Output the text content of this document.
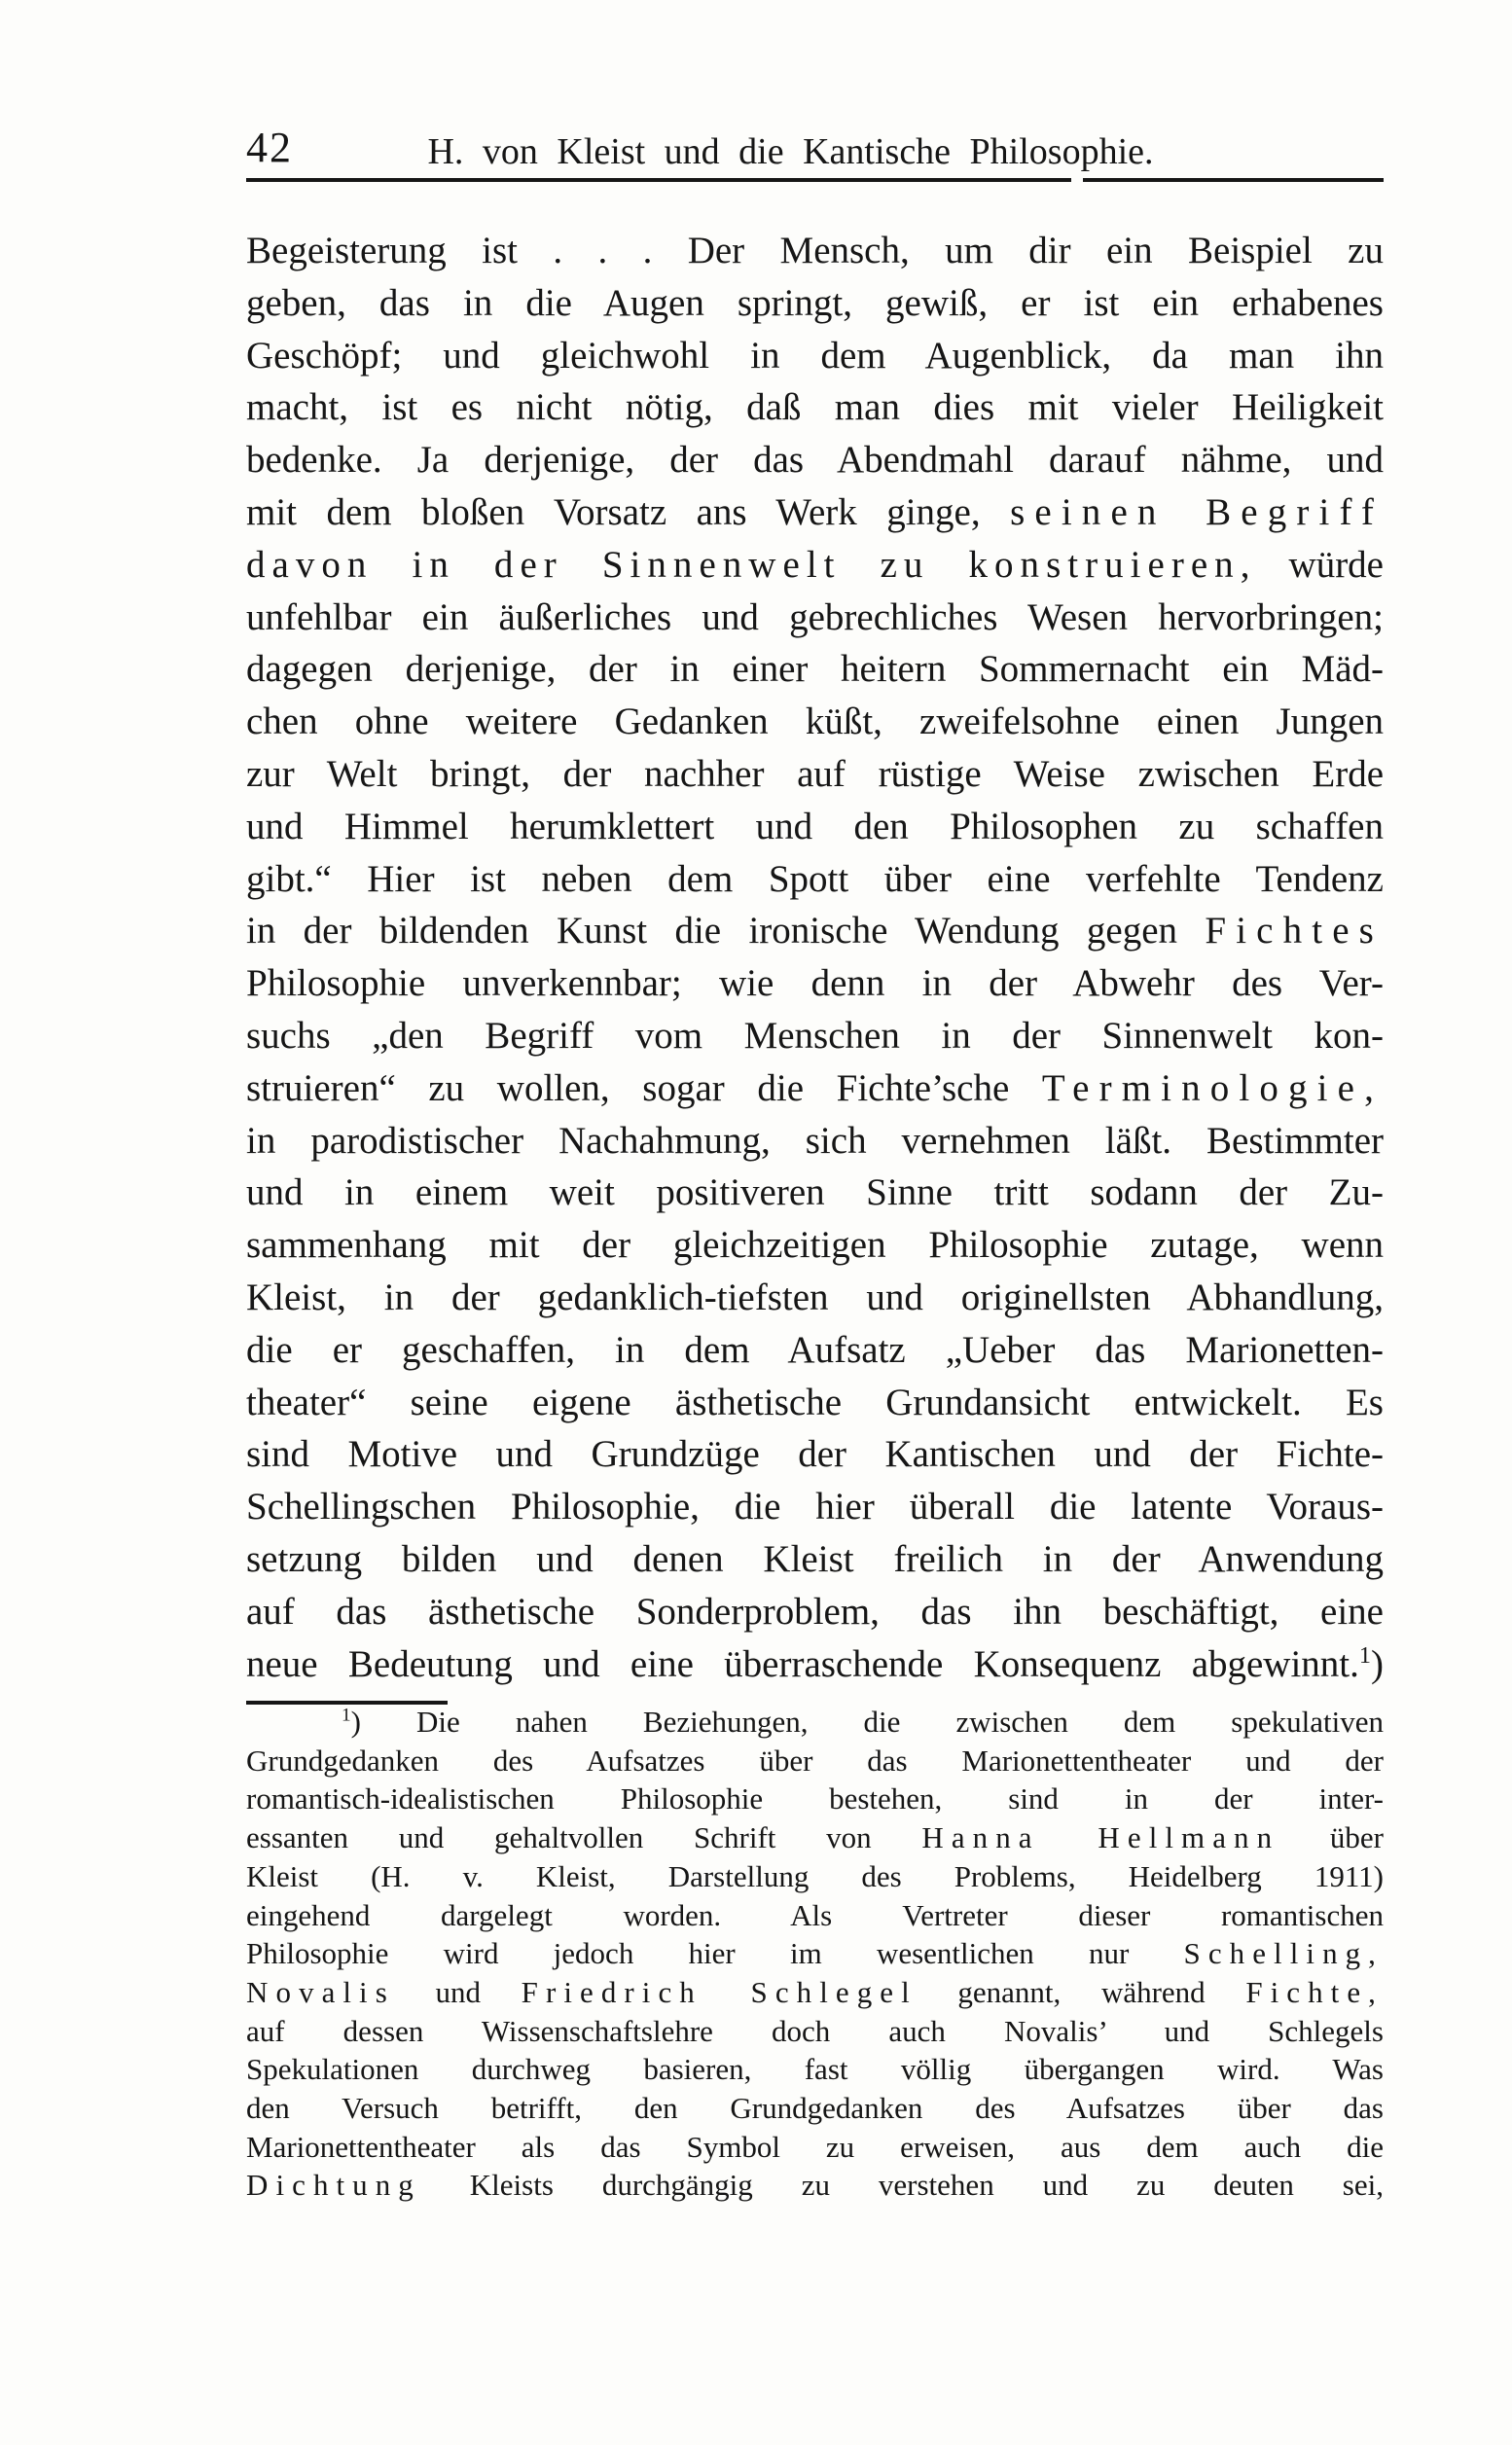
42	H. von Kleist und die Kantische Philosophie.
Begeisterung ist . . . Der Mensch, um dir ein Beispiel zu
geben, das in die Augen springt, gewiß, er ist ein erhabenes
Geschöpf; und gleichwohl in dem Augenblick, da man ihn
macht, ist es nicht nötig, daß man dies mit vieler Heiligkeit
bedenke. Ja derjenige, der das Abendmahl darauf nähme, und
mit dem bloßen Vorsatz ans Werk ginge, seinen Begriff
davon in der Sinnenwelt zu konstruieren, würde
unfehlbar ein äußerliches und gebrechliches Wesen hervorbringen;
dagegen derjenige, der in einer heitern Sommernacht ein Mäd-
chen ohne weitere Gedanken küßt, zweifelsohne einen Jungen
zur Welt bringt, der nachher auf rüstige Weise zwischen Erde
und Himmel herumklettert und den Philosophen zu schaffen
gibt.“ Hier ist neben dem Spott über eine verfehlte Tendenz
in der bildenden Kunst die ironische Wendung gegen Fichtes
Philosophie unverkennbar; wie denn in der Abwehr des Ver-
suchs „den Begriff vom Menschen in der Sinnenwelt kon-
struieren“ zu wollen, sogar die Fichte’sche Terminologie,
in parodistischer Nachahmung, sich vernehmen läßt. Bestimmter
und in einem weit positiveren Sinne tritt sodann der Zu-
sammenhang mit der gleichzeitigen Philosophie zutage, wenn
Kleist, in der gedanklich-tiefsten und originellsten Abhandlung,
die er geschaffen, in dem Aufsatz „Ueber das Marionetten-
theater“ seine eigene ästhetische Grundansicht entwickelt. Es
sind Motive und Grundzüge der Kantischen und der Fichte-
Schellingschen Philosophie, die hier überall die latente Voraus-
setzung bilden und denen Kleist freilich in der Anwendung
auf das ästhetische Sonderproblem, das ihn beschäftigt, eine
neue Bedeutung und eine überraschende Konsequenz abgewinnt.$^1$)
$^1$) Die nahen Beziehungen, die zwischen dem spekulativen
Grundgedanken des Aufsatzes über das Marionettentheater und der
romantisch-idealistischen Philosophie bestehen, sind in der inter-
essanten und gehaltvollen Schrift von Hanna Hellmann über
Kleist (H. v. Kleist, Darstellung des Problems, Heidelberg 1911)
eingehend dargelegt worden. Als Vertreter dieser romantischen
Philosophie wird jedoch hier im wesentlichen nur Schelling,
Novalis und Friedrich Schlegel genannt, während Fichte,
auf dessen Wissenschaftslehre doch auch Novalis’ und Schlegels
Spekulationen durchweg basieren, fast völlig übergangen wird. Was
den Versuch betrifft, den Grundgedanken des Aufsatzes über das
Marionettentheater als das Symbol zu erweisen, aus dem auch die
Dichtung Kleists durchgängig zu verstehen und zu deuten sei,
